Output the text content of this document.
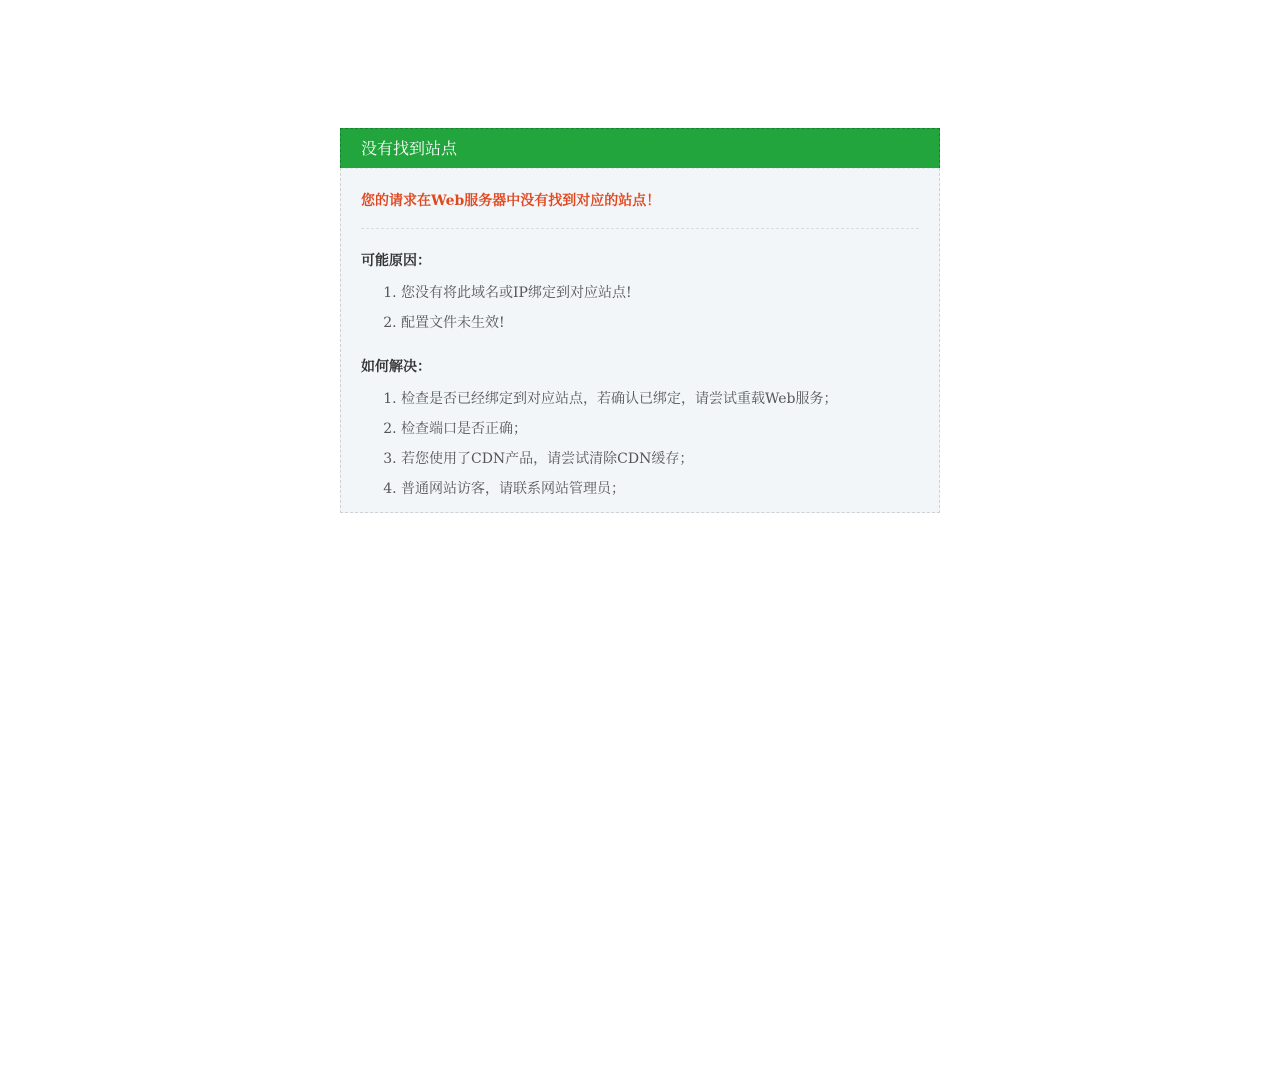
没有找到站点

您的请求在Web服务器中没有找到对应的站点！

可能原因：

1. 您没有将此域名或IP绑定到对应站点!
2. 配置文件未生效!

如何解决：

1. 检查是否已经绑定到对应站点，若确认已绑定，请尝试重载Web服务；
2. 检查端口是否正确；
3. 若您使用了CDN产品，请尝试清除CDN缓存；
4. 普通网站访客，请联系网站管理员；
